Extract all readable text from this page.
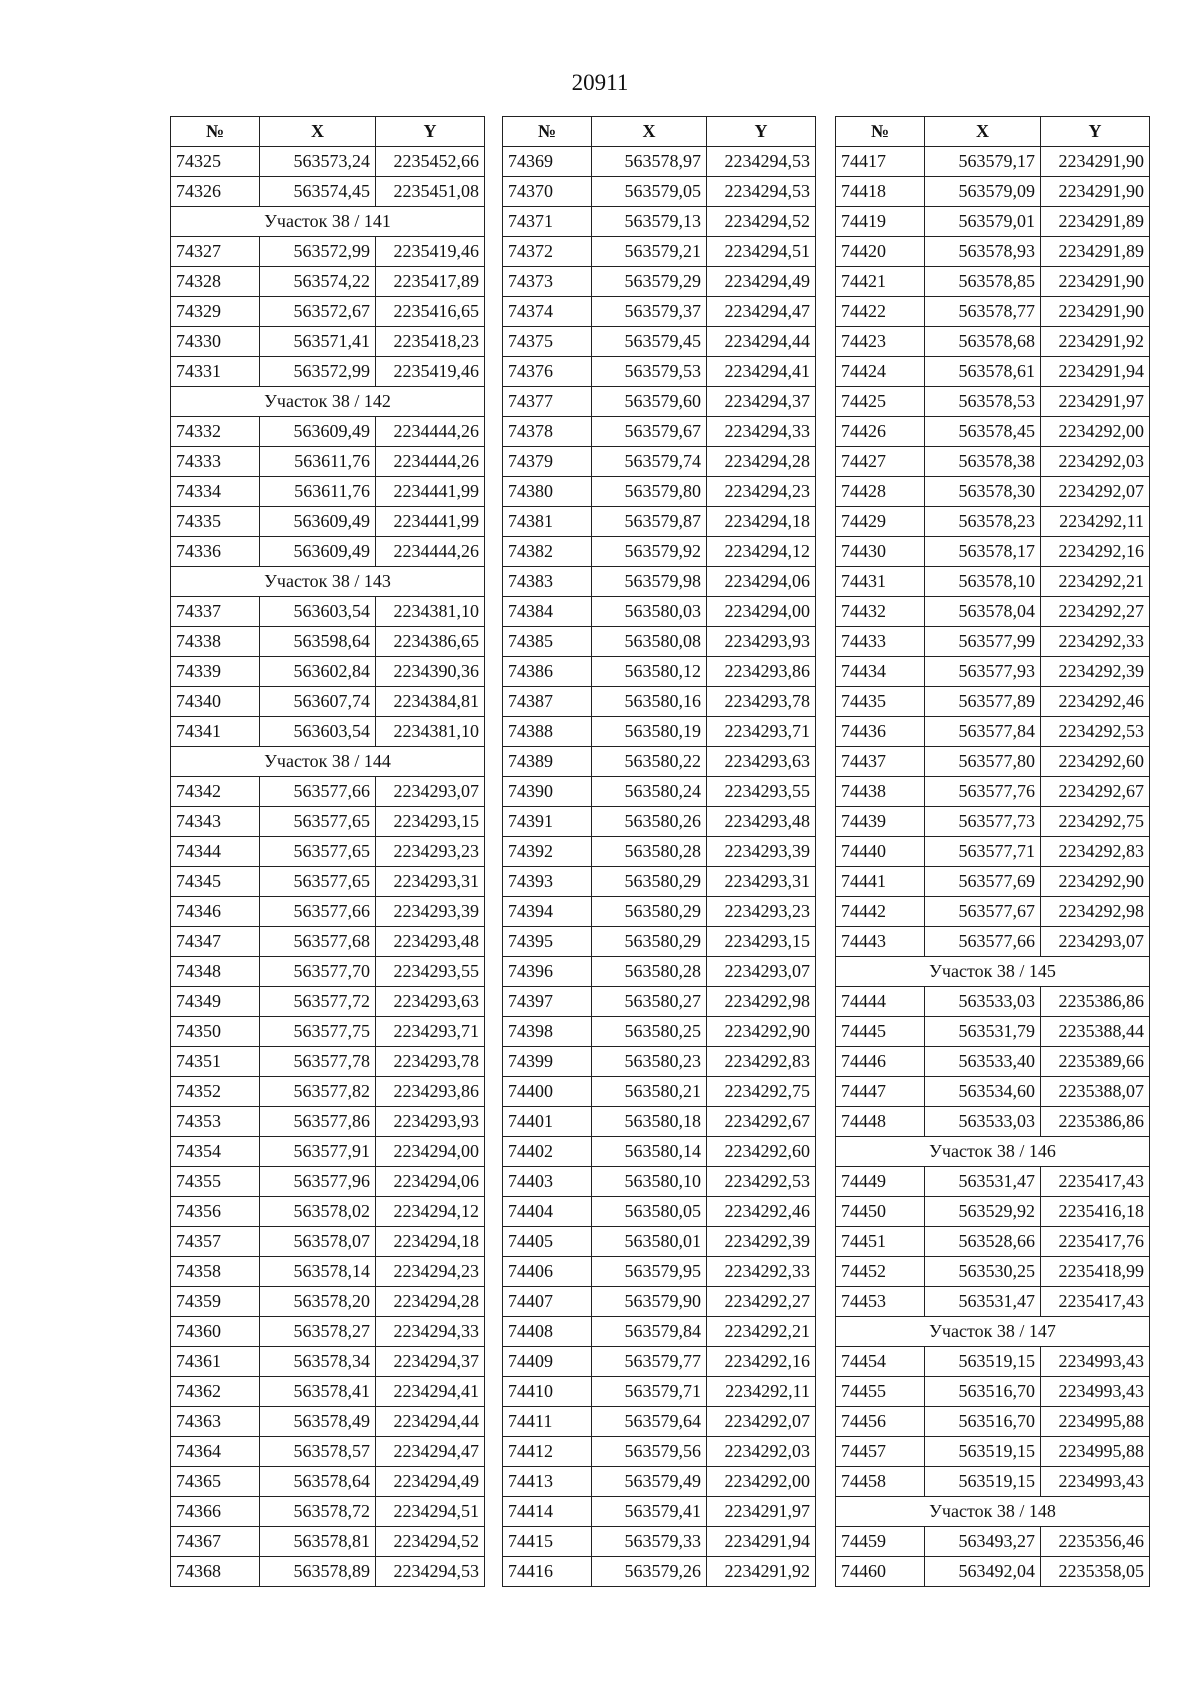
20911
№	X	Y
74325	563573,24	2235452,66
74326	563574,45	2235451,08
Участок 38 / 141		
74327	563572,99	2235419,46
74328	563574,22	2235417,89
74329	563572,67	2235416,65
74330	563571,41	2235418,23
74331	563572,99	2235419,46
Участок 38 / 142		
74332	563609,49	2234444,26
74333	563611,76	2234444,26
74334	563611,76	2234441,99
74335	563609,49	2234441,99
74336	563609,49	2234444,26
Участок 38 / 143		
74337	563603,54	2234381,10
74338	563598,64	2234386,65
74339	563602,84	2234390,36
74340	563607,74	2234384,81
74341	563603,54	2234381,10
Участок 38 / 144		
74342	563577,66	2234293,07
74343	563577,65	2234293,15
74344	563577,65	2234293,23
74345	563577,65	2234293,31
74346	563577,66	2234293,39
74347	563577,68	2234293,48
74348	563577,70	2234293,55
74349	563577,72	2234293,63
74350	563577,75	2234293,71
74351	563577,78	2234293,78
74352	563577,82	2234293,86
74353	563577,86	2234293,93
74354	563577,91	2234294,00
74355	563577,96	2234294,06
74356	563578,02	2234294,12
74357	563578,07	2234294,18
74358	563578,14	2234294,23
74359	563578,20	2234294,28
74360	563578,27	2234294,33
74361	563578,34	2234294,37
74362	563578,41	2234294,41
74363	563578,49	2234294,44
74364	563578,57	2234294,47
74365	563578,64	2234294,49
74366	563578,72	2234294,51
74367	563578,81	2234294,52
74368	563578,89	2234294,53
№	X	Y
74369	563578,97	2234294,53
74370	563579,05	2234294,53
74371	563579,13	2234294,52
74372	563579,21	2234294,51
74373	563579,29	2234294,49
74374	563579,37	2234294,47
74375	563579,45	2234294,44
74376	563579,53	2234294,41
74377	563579,60	2234294,37
74378	563579,67	2234294,33
74379	563579,74	2234294,28
74380	563579,80	2234294,23
74381	563579,87	2234294,18
74382	563579,92	2234294,12
74383	563579,98	2234294,06
74384	563580,03	2234294,00
74385	563580,08	2234293,93
74386	563580,12	2234293,86
74387	563580,16	2234293,78
74388	563580,19	2234293,71
74389	563580,22	2234293,63
74390	563580,24	2234293,55
74391	563580,26	2234293,48
74392	563580,28	2234293,39
74393	563580,29	2234293,31
74394	563580,29	2234293,23
74395	563580,29	2234293,15
74396	563580,28	2234293,07
74397	563580,27	2234292,98
74398	563580,25	2234292,90
74399	563580,23	2234292,83
74400	563580,21	2234292,75
74401	563580,18	2234292,67
74402	563580,14	2234292,60
74403	563580,10	2234292,53
74404	563580,05	2234292,46
74405	563580,01	2234292,39
74406	563579,95	2234292,33
74407	563579,90	2234292,27
74408	563579,84	2234292,21
74409	563579,77	2234292,16
74410	563579,71	2234292,11
74411	563579,64	2234292,07
74412	563579,56	2234292,03
74413	563579,49	2234292,00
74414	563579,41	2234291,97
74415	563579,33	2234291,94
74416	563579,26	2234291,92
№	X	Y
74417	563579,17	2234291,90
74418	563579,09	2234291,90
74419	563579,01	2234291,89
74420	563578,93	2234291,89
74421	563578,85	2234291,90
74422	563578,77	2234291,90
74423	563578,68	2234291,92
74424	563578,61	2234291,94
74425	563578,53	2234291,97
74426	563578,45	2234292,00
74427	563578,38	2234292,03
74428	563578,30	2234292,07
74429	563578,23	2234292,11
74430	563578,17	2234292,16
74431	563578,10	2234292,21
74432	563578,04	2234292,27
74433	563577,99	2234292,33
74434	563577,93	2234292,39
74435	563577,89	2234292,46
74436	563577,84	2234292,53
74437	563577,80	2234292,60
74438	563577,76	2234292,67
74439	563577,73	2234292,75
74440	563577,71	2234292,83
74441	563577,69	2234292,90
74442	563577,67	2234292,98
74443	563577,66	2234293,07
Участок 38 / 145		
74444	563533,03	2235386,86
74445	563531,79	2235388,44
74446	563533,40	2235389,66
74447	563534,60	2235388,07
74448	563533,03	2235386,86
Участок 38 / 146		
74449	563531,47	2235417,43
74450	563529,92	2235416,18
74451	563528,66	2235417,76
74452	563530,25	2235418,99
74453	563531,47	2235417,43
Участок 38 / 147		
74454	563519,15	2234993,43
74455	563516,70	2234993,43
74456	563516,70	2234995,88
74457	563519,15	2234995,88
74458	563519,15	2234993,43
Участок 38 / 148		
74459	563493,27	2235356,46
74460	563492,04	2235358,05
